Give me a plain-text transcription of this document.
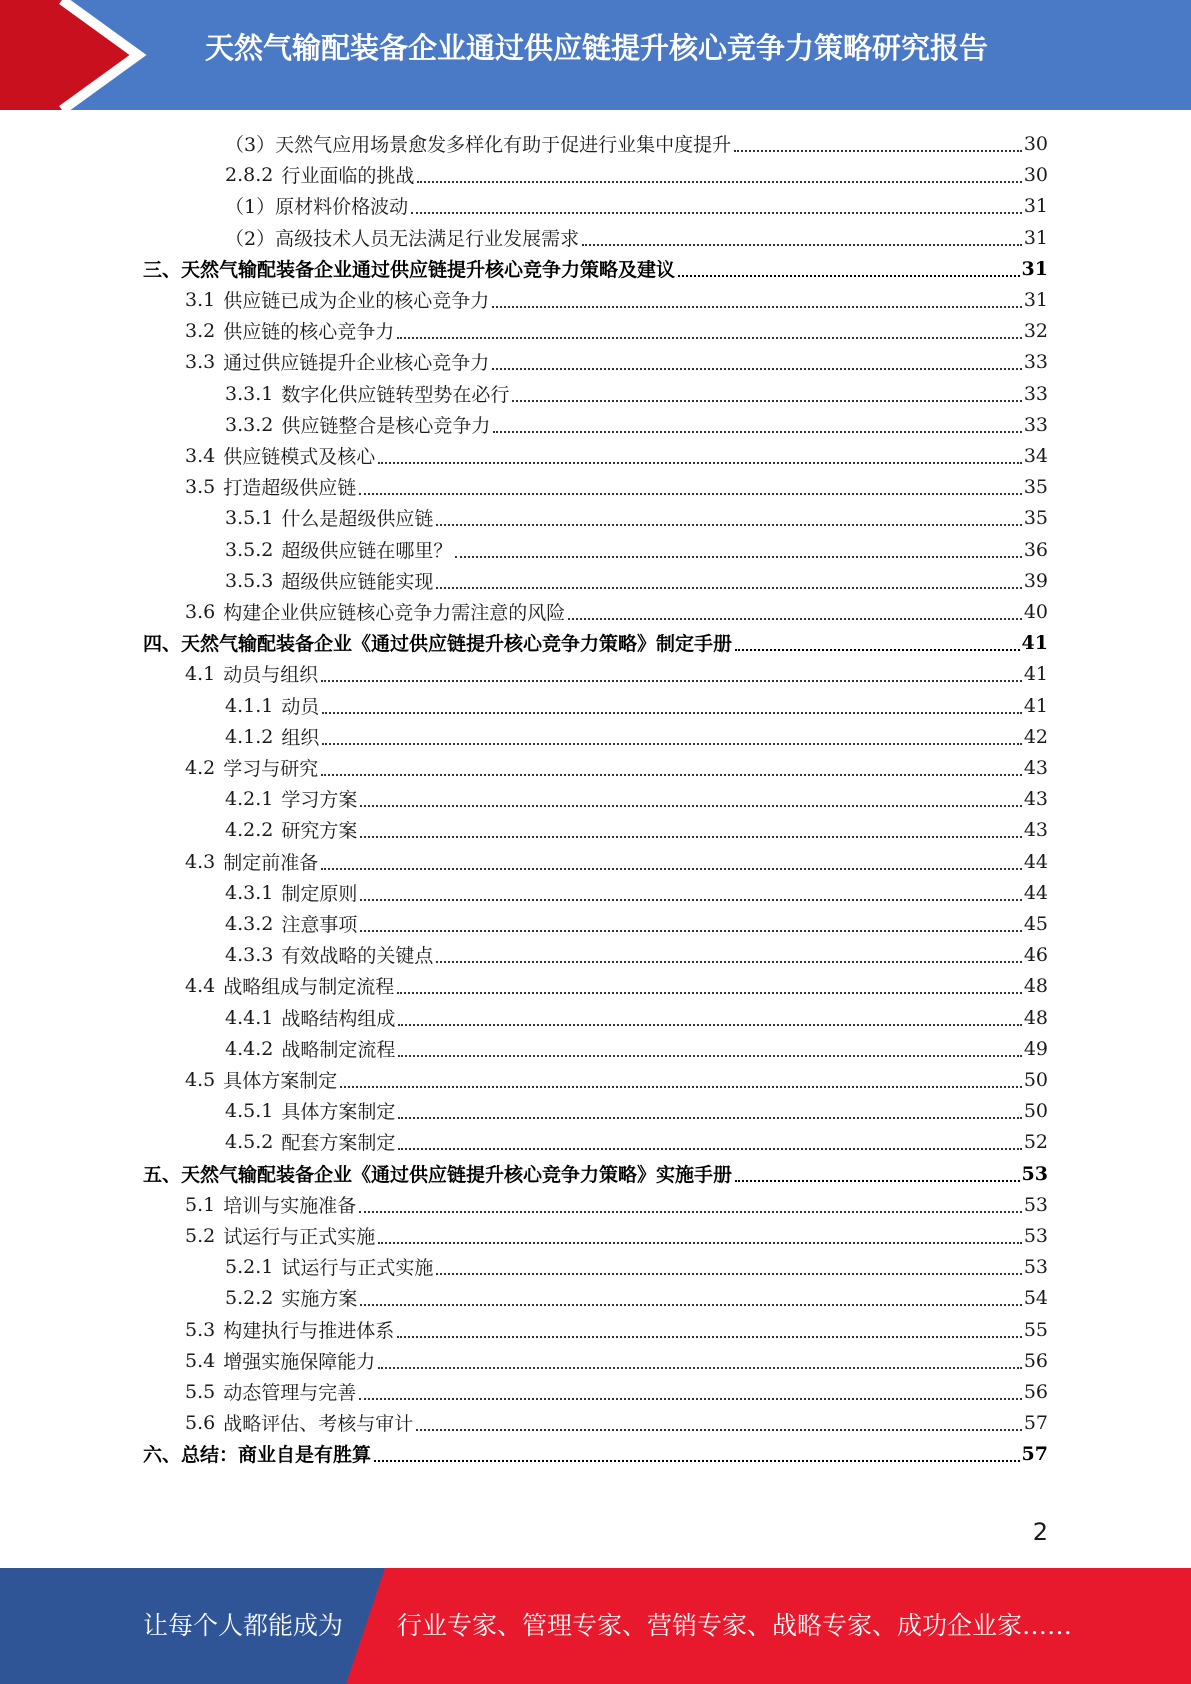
天然气输配装备企业通过供应链提升核心竞争力策略研究报告
（3） 天然气应用场景愈发多样化有助于促进行业集中度提升	30
2.8.2 行业面临的挑战	30
（1） 原材料价格波动	31
（2） 高级技术人员无法满足行业发展需求	31
三、 天然气输配装备企业通过供应链提升核心竞争力策略及建议	31
3.1 供应链已成为企业的核心竞争力	31
3.2 供应链的核心竞争力	32
3.3 通过供应链提升企业核心竞争力	33
3.3.1 数字化供应链转型势在必行	33
3.3.2 供应链整合是核心竞争力	33
3.4 供应链模式及核心	34
3.5 打造超级供应链	35
3.5.1 什么是超级供应链	35
3.5.2 超级供应链在哪里？	36
3.5.3 超级供应链能实现	39
3.6 构建企业供应链核心竞争力需注意的风险	40
四、 天然气输配装备企业《通过供应链提升核心竞争力策略》制定手册	41
4.1 动员与组织	41
4.1.1 动员	41
4.1.2 组织	42
4.2 学习与研究	43
4.2.1 学习方案	43
4.2.2 研究方案	43
4.3 制定前准备	44
4.3.1 制定原则	44
4.3.2 注意事项	45
4.3.3 有效战略的关键点	46
4.4 战略组成与制定流程	48
4.4.1 战略结构组成	48
4.4.2 战略制定流程	49
4.5 具体方案制定	50
4.5.1 具体方案制定	50
4.5.2 配套方案制定	52
五、 天然气输配装备企业《通过供应链提升核心竞争力策略》实施手册	53
5.1 培训与实施准备	53
5.2 试运行与正式实施	53
5.2.1 试运行与正式实施	53
5.2.2 实施方案	54
5.3 构建执行与推进体系	55
5.4 增强实施保障能力	56
5.5 动态管理与完善	56
5.6 战略评估、考核与审计	57
六、 总结：商业自是有胜算	57
2
让每个人都能成为 行业专家、管理专家、营销专家、战略专家、成功企业家……
